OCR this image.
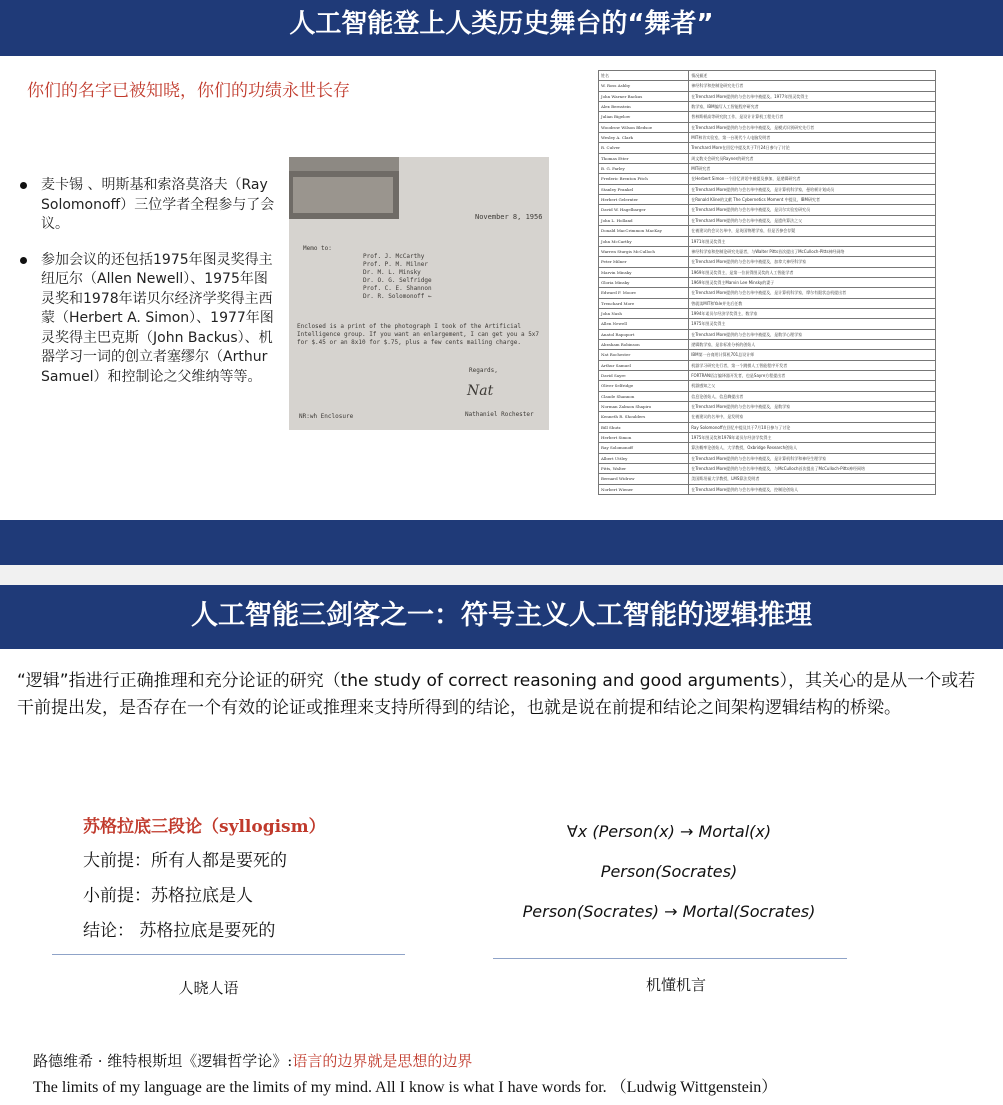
人工智能登上人类历史舞台的“舞者”
你们的名字已被知晓，你们的功绩永世长存
麦卡锡 、明斯基和索洛莫洛夫（Ray Solomonoff）三位学者全程参与了会议。
参加会议的还包括1975年图灵奖得主纽厄尔（Allen Newell）、1975年图灵奖和1978年诺贝尔经济学奖得主西蒙（Herbert A. Simon）、1977年图灵奖得主巴克斯（John Backus）、机器学习一词的创立者塞缪尔（Arthur Samuel）和控制论之父维纳等等。
November 8, 1956
Memo to:
Prof. J. McCarthy
Prof. P. M. Milner
Dr. M. L. Minsky
Dr. O. G. Selfridge
Prof. C. E. Shannon
Dr. R. Solomonoff ←
Enclosed is a print of the photograph I took of the Artificial Intelligence group. If you want an enlargement, I can get you a 5x7 for $.45 or an 8x10 for $.75, plus a few cents mailing charge.
Regards,
Nat
Nathaniel Rochester
NR:wh Enclosure
姓名	情况描述
W. Ross Ashby	神经科学和控制论研究先行者
John Warner Backus	在Trenchard More提供的与会名单中被提及。1977年图灵奖得主
Alex Bernstein	数学家，IBM编写人工智能程序研究者
Julian Bigelow	普林斯顿高等研究院工作，是设计计算机工程先行者
Woodrow Wilson Bledsoe	在Trenchard More提供的与会名单中被提及，是模式识别研究先行者
Wesley A. Clark	MIT林肯实验室，第一台现代个人电脑发明者
R. Culver	Trenchard More在回忆中提及其于7月24日参与了讨论
Thomas Etter	周文数支会研究员Rayner的研究者
B. G. Farley	MIT研究者
Frederic Brenton Fitch	在Herbert Simon一个回忆讲话中被提及参加，是逻辑研究者
Stanley Frankel	在Trenchard More提供的与会名单中被提及，是计算机科学家，曼哈顿计划成员
Herbert Gelernter	在Ronald Kline的文献 The Cybernetics Moment 中提及，IBM研究者
David W. Hagelbarger	在Trenchard More提供的与会名单中被提及，是贝尔实验室研究员
John L. Holland	在Trenchard More提供的与会名单中被提及，是遗传算法之父
Donald MacCrimmon MacKay	在被建议的会议名单中，是英国物理学家，但是否参会存疑
John McCarthy	1971年图灵奖得主
Warren Sturgis McCulloch	神经科学家和控制论研究先驱者，与Walter Pitts首次提出了McCulloch-Pitts神经网络
Peter Milner	在Trenchard More提供的与会名单中被提及，加拿大神经科学家
Marvin Minsky	1969年图灵奖得主，是第一位获得图灵奖的人工智能学者
Gloria Minsky	1969年图灵奖得主Marvin Lee Minsky的妻子
Edward F. Moore	在Trenchard More提供的与会名单中被提及，是计算机科学家，摩尔有限状态机提出者
Trenchard More	曾就读MIT和Yale并先后任教
John Nash	1994年诺贝尔经济学奖得主，数学家
Allen Newell	1975年图灵奖得主
Anatol Rapoport	在Trenchard More提供的与会名单中被提及，是数学心理学家
Abraham Robinson	逻辑数学家，是非标准分析的创始人
Nat Rochester	IBM第一台商用计算机701总设计师
Arthur Samuel	机器学习研究先行者，第一个跳棋人工智能程序开发者
David Sayre	FORTRAN语言编译器开发者，也是Sayre方程提出者
Oliver Selfridge	机器感知之父
Claude Shannon	信息论创始人，信息熵提出者
Norman Zalmon Shapiro	在Trenchard More提供的与会名单中被提及，是数学家
Kenneth R. Shoulders	在被建议的名单中，是发明家
Bill Shutz	Ray Solomonoff在回忆中提及其于7月10日参与了讨论
Herbert Simon	1975年图灵奖和1978年诺贝尔经济学奖得主
Ray Solomonoff	算法概率论创始人，大学教授，Oxbridge Research创始人
Albert Uttley	在Trenchard More提供的与会名单中被提及，是计算机科学和神经生理学家
Pitts, Walter	在Trenchard More提供的与会名单中被提及，与McCulloch首次提出了McCulloch-Pitts神经网络
Bernard Widrow	美国斯坦福大学教授，LMS算法发明者
Norbert Wiener	在Trenchard More提供的与会名单中被提及，控制论创始人
人工智能三剑客之一：符号主义人工智能的逻辑推理
“逻辑”指进行正确推理和充分论证的研究（the study of correct reasoning and good arguments），其关心的是从一个或若干前提出发，是否存在一个有效的论证或推理来支持所得到的结论，也就是说在前提和结论之间架构逻辑结构的桥梁。
苏格拉底三段论（syllogism）
大前提：所有人都是要死的
小前提：苏格拉底是人
结论： 苏格拉底是要死的
∀x (Person(x) → Mortal(x)
Person(Socrates)
Person(Socrates) → Mortal(Socrates)
人晓人语	机懂机言
路德维希 · 维特根斯坦《逻辑哲学论》:语言的边界就是思想的边界
The limits of my language are the limits of my mind. All I know is what I have words for. （Ludwig Wittgenstein）
